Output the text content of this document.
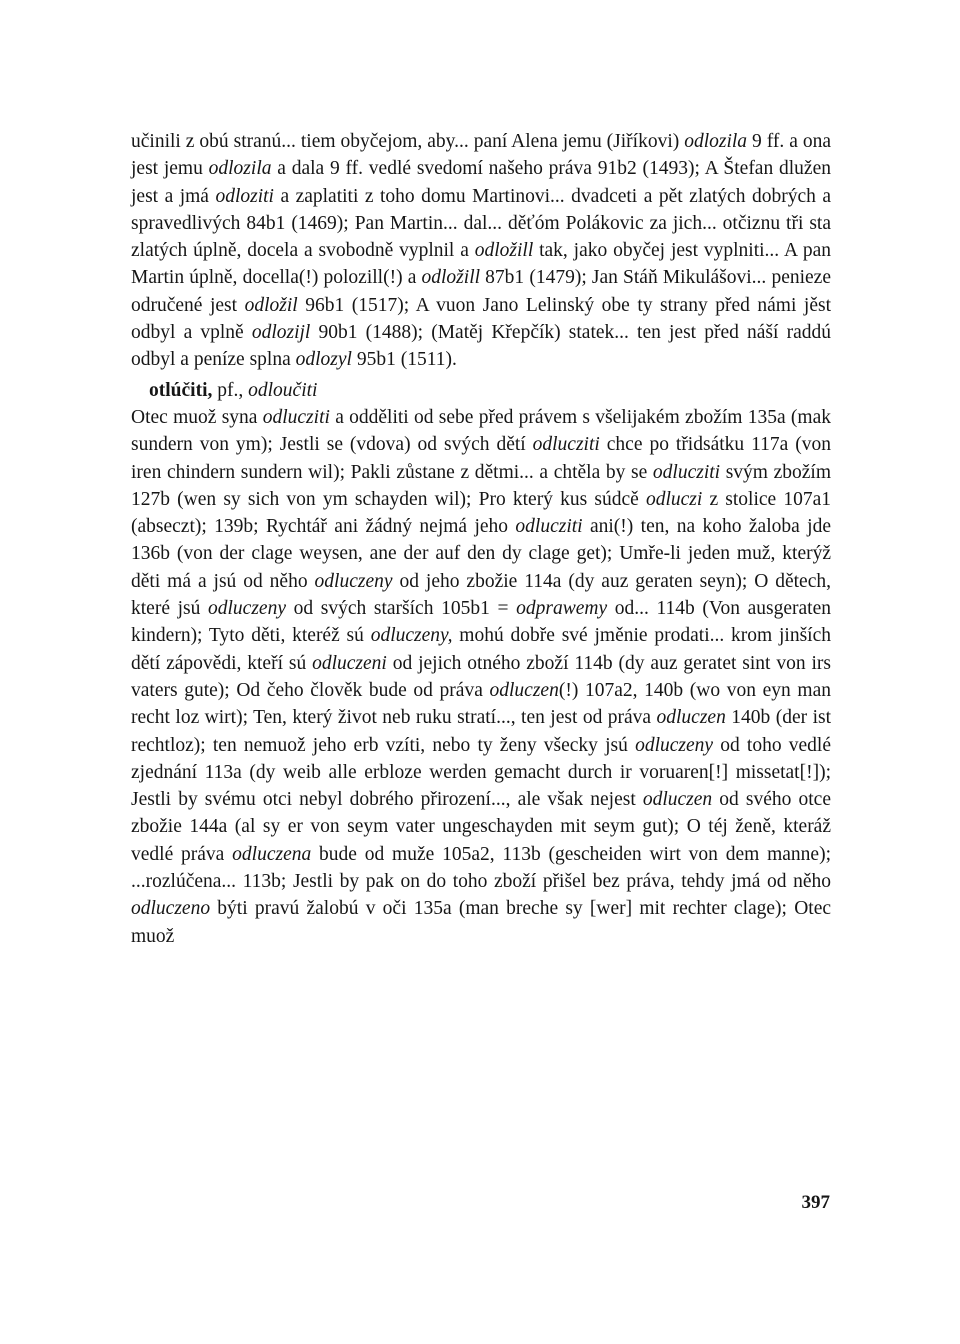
učinili z obú stranú... tiem obyčejom, aby... paní Alena jemu (Jiříkovi) odlozila 9 ff. a ona jest jemu odlozila a dala 9 ff. vedlé svedomí našeho práva 91b2 (1493); A Štefan dlužen jest a jmá odloziti a zaplatiti z toho domu Martinovi... dvadceti a pět zlatých dobrých a spravedlivých 84b1 (1469); Pan Martin... dal... děťóm Polákovic za jich... otčiznu tři sta zlatých úplně, docela a svobodně vyplnil a odložill tak, jako obyčej jest vyplniti... A pan Martin úplně, docella(!) polozill(!) a odložill 87b1 (1479); Jan Stáň Mikulášovi... penieze odručené jest odložil 96b1 (1517); A vuon Jano Lelinský obe ty strany před námi jěst odbyl a vplně odlozijl 90b1 (1488); (Matěj Křepčík) statek... ten jest před náší raddú odbyl a peníze splna odlozyl 95b1 (1511).

otlúčiti, pf., odloučiti

Otec muož syna odlucziti a odděliti od sebe před právem s všelijakém zbožím 135a (mak sundern von ym); Jestli se (vdova) od svých dětí odlucziti chce po třidsátku 117a (von iren chindern sundern wil); Pakli zůstane z dětmi... a chtěla by se odlucziti svým zbožím 127b (wen sy sich von ym schayden wil); Pro který kus súdcě odluczi z stolice 107a1 (abseczt); 139b; Rychtář ani žádný nejmá jeho odlucziti ani(!) ten, na koho žaloba jde 136b (von der clage weysen, ane der auf den dy clage get); Umře-li jeden muž, kterýž děti má a jsú od něho odluczeny od jeho zbožie 114a (dy auz geraten seyn); O dětech, které jsú odluczeny od svých starších 105b1 = odprawemy od... 114b (Von ausgeraten kindern); Tyto děti, kteréž sú odluczeny, mohú dobře své jměnie prodati... krom jinších dětí zápovědi, kteří sú odluczeni od jejich otného zboží 114b (dy auz geratet sint von irs vaters gute); Od čeho člověk bude od práva odluczen(!) 107a2, 140b (wo von eyn man recht loz wirt); Ten, který život neb ruku stratí..., ten jest od práva odluczen 140b (der ist rechtloz); ten nemuož jeho erb vzíti, nebo ty ženy všecky jsú odluczeny od toho vedlé zjednání 113a (dy weib alle erbloze werden gemacht durch ir voruaren[!] missetat[!]); Jestli by svému otci nebyl dobrého přirození..., ale však nejest odluczen od svého otce zbožie 144a (al sy er von seym vater ungeschayden mit seym gut); O téj ženě, kteráž vedlé práva odluczena bude od muže 105a2, 113b (gescheiden wirt von dem manne); ...rozlúčena... 113b; Jestli by pak on do toho zboží přišel bez práva, tehdy jmá od něho odluczeno býti pravú žalobú v oči 135a (man breche sy [wer] mit rechter clage); Otec muož

397
